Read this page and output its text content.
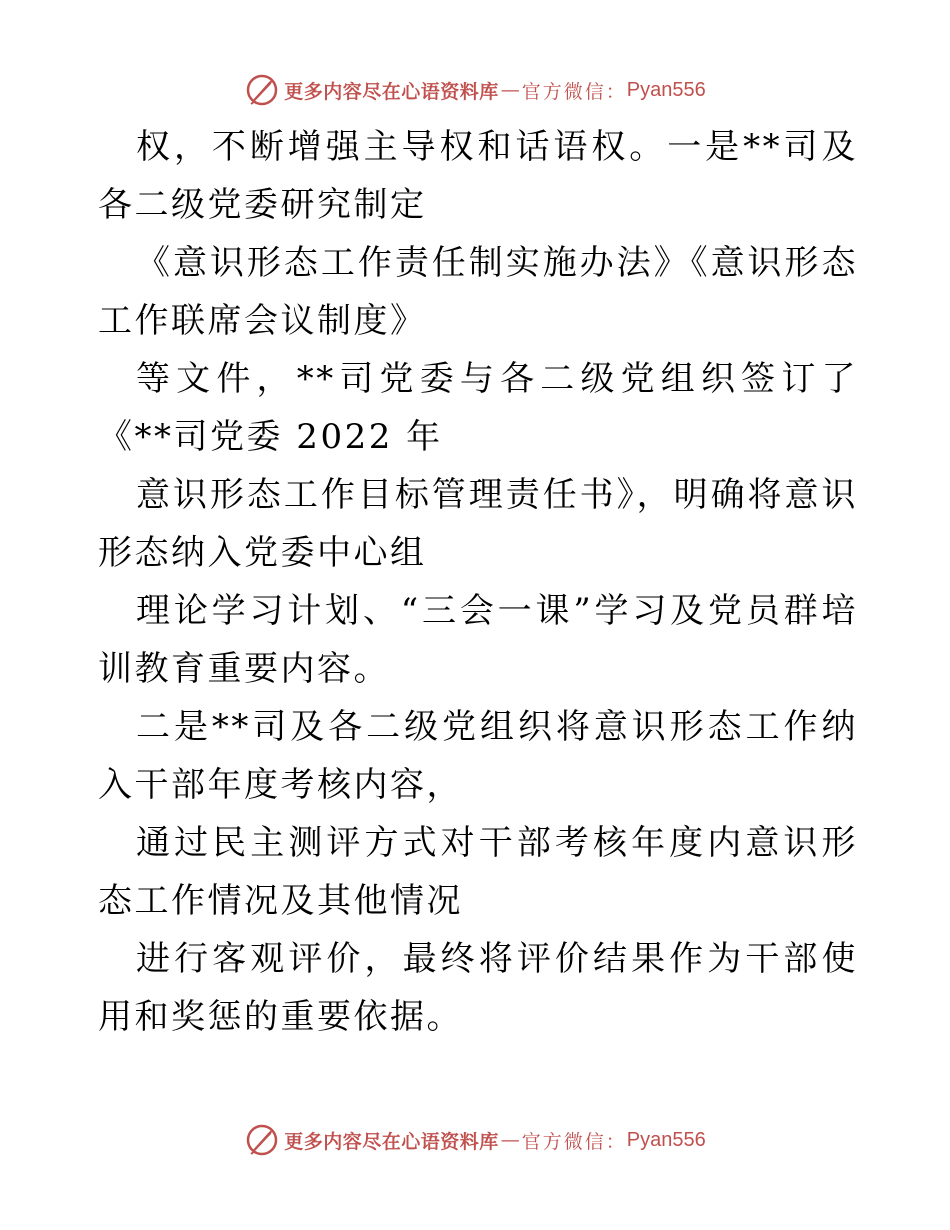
更多内容尽在心语资料库 — 官方微信： Pyan556

权，不断增强主导权和话语权。一是**司及各二级党委研究制定

《意识形态工作责任制实施办法》《意识形态工作联席会议制度》

等文件，**司党委与各二级党组织签订了《**司党委 2022 年

意识形态工作目标管理责任书》，明确将意识形态纳入党委中心组

理论学习计划、“三会一课”学习及党员群培训教育重要内容。

二是**司及各二级党组织将意识形态工作纳入干部年度考核内容，

通过民主测评方式对干部考核年度内意识形态工作情况及其他情况

进行客观评价，最终将评价结果作为干部使用和奖惩的重要依据。

更多内容尽在心语资料库 — 官方微信： Pyan556
